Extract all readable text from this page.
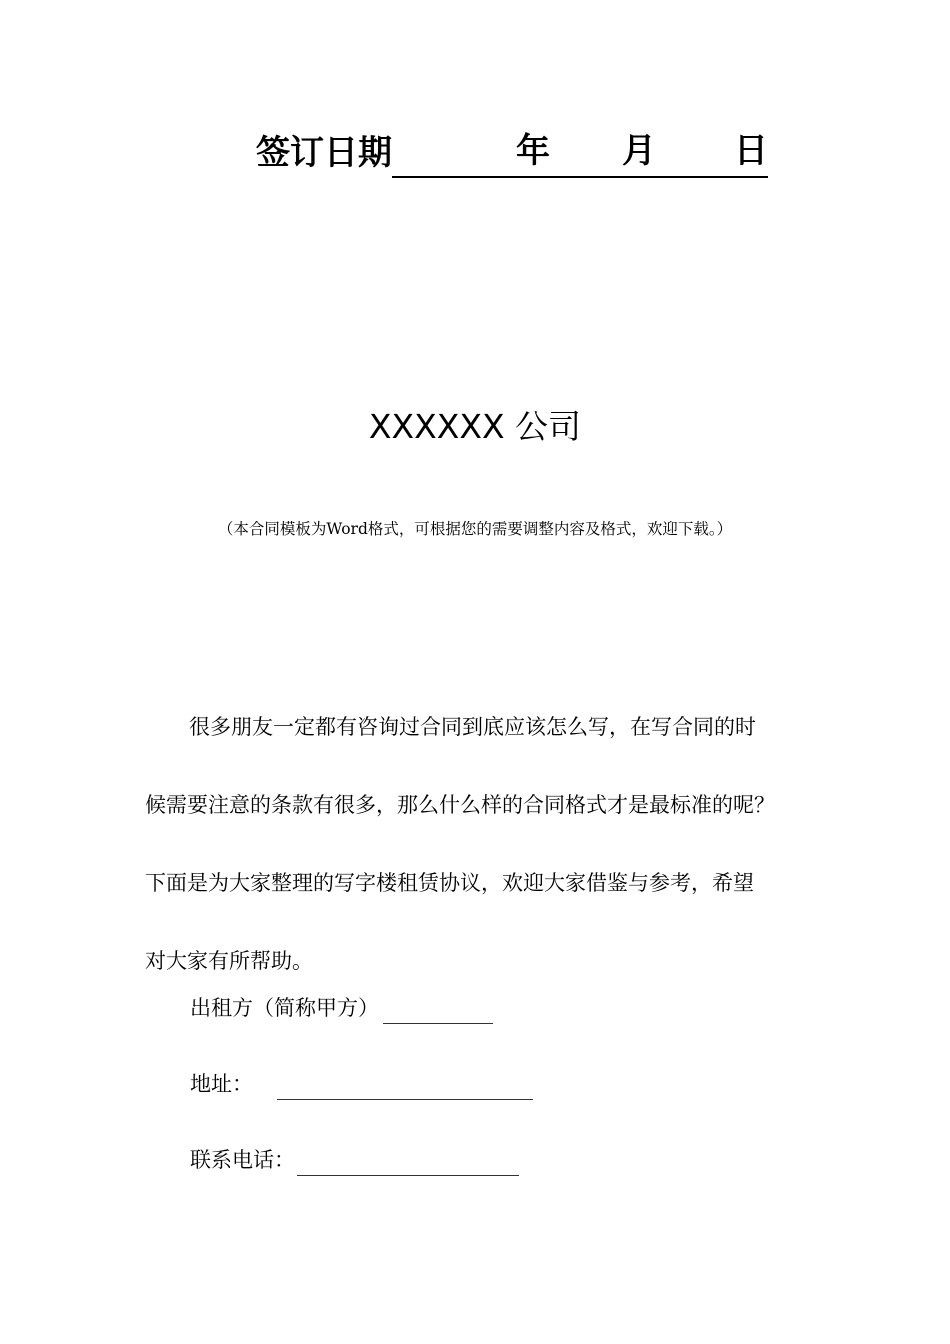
签订日期	年 月 日
XXXXXX 公司
（本合同模板为Word格式，可根据您的需要调整内容及格式，欢迎下载。）
很多朋友一定都有咨询过合同到底应该怎么写，在写合同的时
候需要注意的条款有很多，那么什么样的合同格式才是最标准的呢？
下面是为大家整理的写字楼租赁协议，欢迎大家借鉴与参考，希望
对大家有所帮助。
出租方（简称甲方）
地址：
联系电话：
